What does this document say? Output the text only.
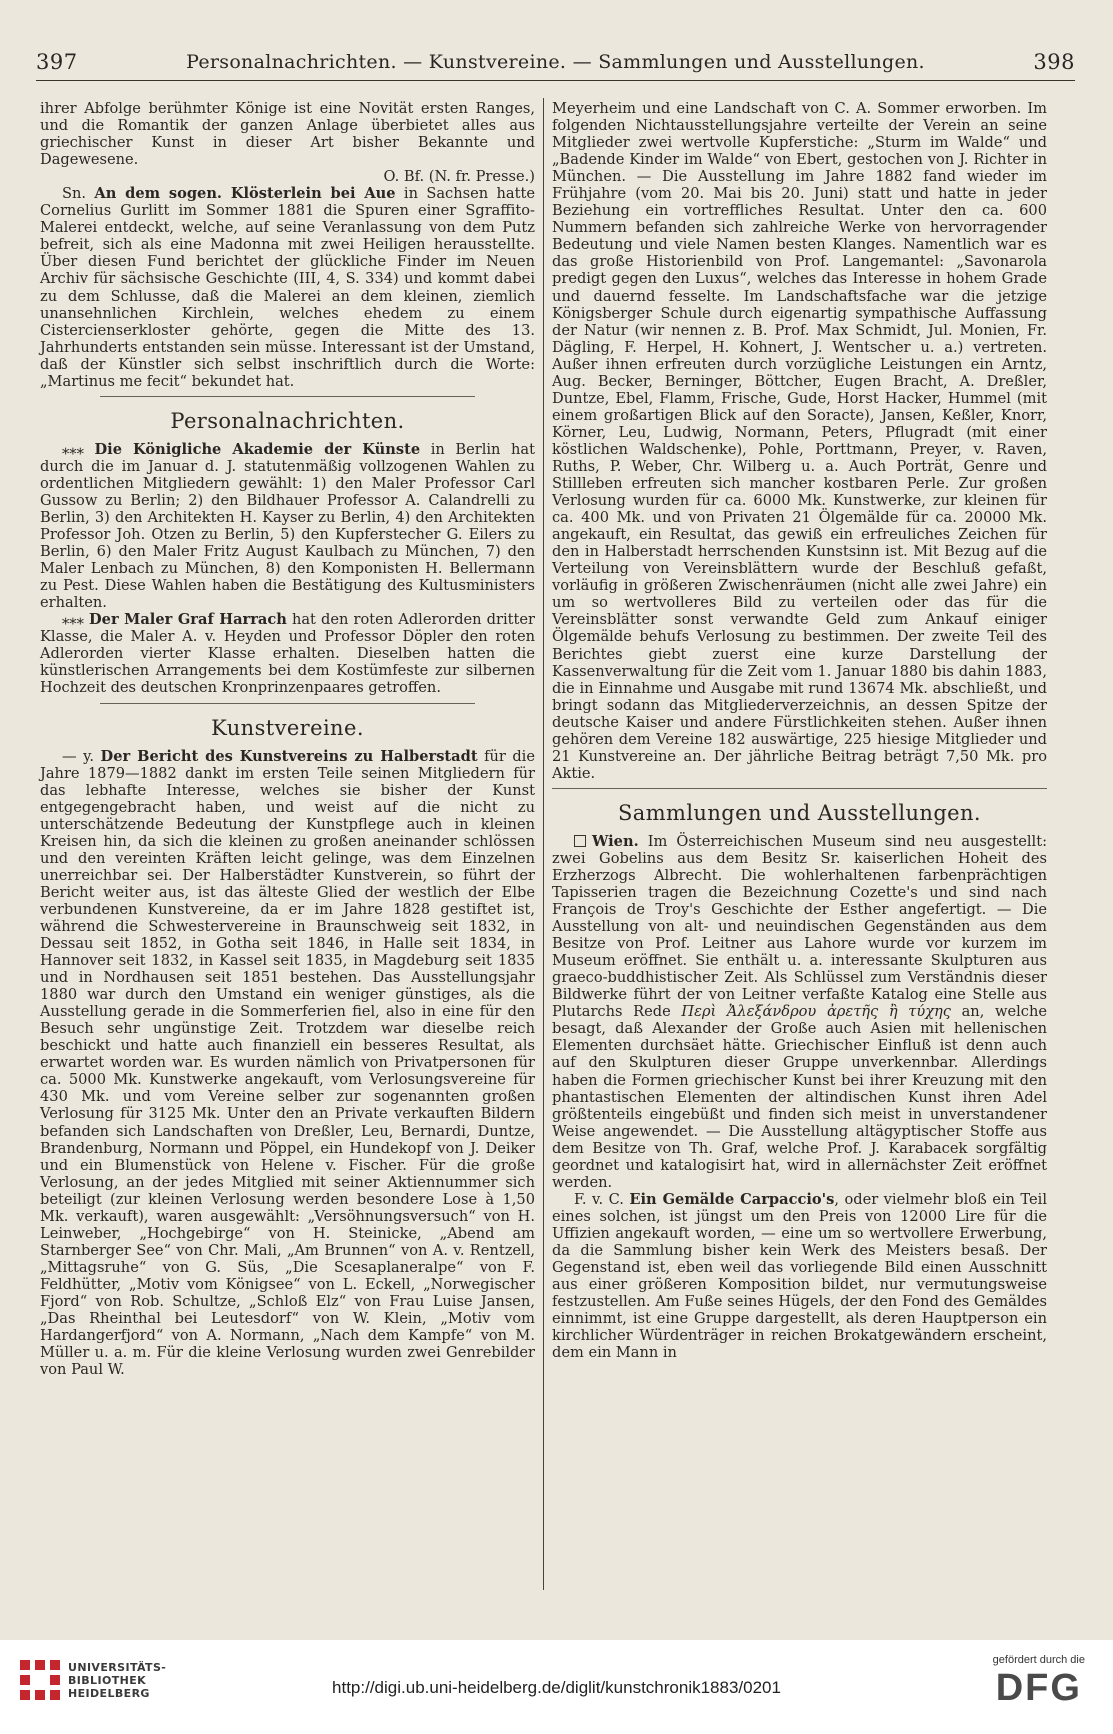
397	Personalnachrichten. — Kunstvereine. — Sammlungen und Ausstellungen.	398

ihrer Abfolge berühmter Könige ist eine Novität ersten Ranges, und die Romantik der ganzen Anlage überbietet alles aus griechischer Kunst in dieser Art bisher Bekannte und Dagewesene.

O. Bf. (N. fr. Presse.)

Sn. An dem sogen. Klösterlein bei Aue in Sachsen hatte Cornelius Gurlitt im Sommer 1881 die Spuren einer Sgraffito-Malerei entdeckt, welche, auf seine Veranlassung von dem Putz befreit, sich als eine Madonna mit zwei Heiligen herausstellte. Über diesen Fund berichtet der glückliche Finder im Neuen Archiv für sächsische Geschichte (III, 4, S. 334) und kommt dabei zu dem Schlusse, daß die Malerei an dem kleinen, ziemlich unansehnlichen Kirchlein, welches ehedem zu einem Cistercienserkloster gehörte, gegen die Mitte des 13. Jahrhunderts entstanden sein müsse. Interessant ist der Umstand, daß der Künstler sich selbst inschriftlich durch die Worte: „Martinus me fecit“ bekundet hat.

Personalnachrichten.

⁎⁎⁎ Die Königliche Akademie der Künste in Berlin hat durch die im Januar d. J. statutenmäßig vollzogenen Wahlen zu ordentlichen Mitgliedern gewählt: 1) den Maler Professor Carl Gussow zu Berlin; 2) den Bildhauer Professor A. Calandrelli zu Berlin, 3) den Architekten H. Kayser zu Berlin, 4) den Architekten Professor Joh. Otzen zu Berlin, 5) den Kupferstecher G. Eilers zu Berlin, 6) den Maler Fritz August Kaulbach zu München, 7) den Maler Lenbach zu München, 8) den Komponisten H. Bellermann zu Pest. Diese Wahlen haben die Bestätigung des Kultusministers erhalten.

⁎⁎⁎ Der Maler Graf Harrach hat den roten Adlerorden dritter Klasse, die Maler A. v. Heyden und Professor Döpler den roten Adlerorden vierter Klasse erhalten. Dieselben hatten die künstlerischen Arrangements bei dem Kostümfeste zur silbernen Hochzeit des deutschen Kronprinzenpaares getroffen.

Kunstvereine.

— y. Der Bericht des Kunstvereins zu Halberstadt für die Jahre 1879—1882 dankt im ersten Teile seinen Mitgliedern für das lebhafte Interesse, welches sie bisher der Kunst entgegengebracht haben, und weist auf die nicht zu unterschätzende Bedeutung der Kunstpflege auch in kleinen Kreisen hin, da sich die kleinen zu großen aneinander schlössen und den vereinten Kräften leicht gelinge, was dem Einzelnen unerreichbar sei. Der Halberstädter Kunstverein, so führt der Bericht weiter aus, ist das älteste Glied der westlich der Elbe verbundenen Kunstvereine, da er im Jahre 1828 gestiftet ist, während die Schwestervereine in Braunschweig seit 1832, in Dessau seit 1852, in Gotha seit 1846, in Halle seit 1834, in Hannover seit 1832, in Kassel seit 1835, in Magdeburg seit 1835 und in Nordhausen seit 1851 bestehen. Das Ausstellungsjahr 1880 war durch den Umstand ein weniger günstiges, als die Ausstellung gerade in die Sommerferien fiel, also in eine für den Besuch sehr ungünstige Zeit. Trotzdem war dieselbe reich beschickt und hatte auch finanziell ein besseres Resultat, als erwartet worden war. Es wurden nämlich von Privatpersonen für ca. 5000 Mk. Kunstwerke angekauft, vom Verlosungsvereine für 430 Mk. und vom Vereine selber zur sogenannten großen Verlosung für 3125 Mk. Unter den an Private verkauften Bildern befanden sich Landschaften von Dreßler, Leu, Bernardi, Duntze, Brandenburg, Normann und Pöppel, ein Hundekopf von J. Deiker und ein Blumenstück von Helene v. Fischer. Für die große Verlosung, an der jedes Mitglied mit seiner Aktiennummer sich beteiligt (zur kleinen Verlosung werden besondere Lose à 1,50 Mk. verkauft), waren ausgewählt: „Versöhnungsversuch“ von H. Leinweber, „Hochgebirge“ von H. Steinicke, „Abend am Starnberger See“ von Chr. Mali, „Am Brunnen“ von A. v. Rentzell, „Mittagsruhe“ von G. Süs, „Die Scesaplaneralpe“ von F. Feldhütter, „Motiv vom Königsee“ von L. Eckell, „Norwegischer Fjord“ von Rob. Schultze, „Schloß Elz“ von Frau Luise Jansen, „Das Rheinthal bei Leutesdorf“ von W. Klein, „Motiv vom Hardangerfjord“ von A. Normann, „Nach dem Kampfe“ von M. Müller u. a. m. Für die kleine Verlosung wurden zwei Genrebilder von Paul W.

Meyerheim und eine Landschaft von C. A. Sommer erworben. Im folgenden Nichtausstellungsjahre verteilte der Verein an seine Mitglieder zwei wertvolle Kupferstiche: „Sturm im Walde“ und „Badende Kinder im Walde“ von Ebert, gestochen von J. Richter in München. — Die Ausstellung im Jahre 1882 fand wieder im Frühjahre (vom 20. Mai bis 20. Juni) statt und hatte in jeder Beziehung ein vortreffliches Resultat. Unter den ca. 600 Nummern befanden sich zahlreiche Werke von hervorragender Bedeutung und viele Namen besten Klanges. Namentlich war es das große Historienbild von Prof. Langemantel: „Savonarola predigt gegen den Luxus“, welches das Interesse in hohem Grade und dauernd fesselte. Im Landschaftsfache war die jetzige Königsberger Schule durch eigenartig sympathische Auffassung der Natur (wir nennen z. B. Prof. Max Schmidt, Jul. Monien, Fr. Dägling, F. Herpel, H. Kohnert, J. Wentscher u. a.) vertreten. Außer ihnen erfreuten durch vorzügliche Leistungen ein Arntz, Aug. Becker, Berninger, Böttcher, Eugen Bracht, A. Dreßler, Duntze, Ebel, Flamm, Frische, Gude, Horst Hacker, Hummel (mit einem großartigen Blick auf den Soracte), Jansen, Keßler, Knorr, Körner, Leu, Ludwig, Normann, Peters, Pflugradt (mit einer köstlichen Waldschenke), Pohle, Porttmann, Preyer, v. Raven, Ruths, P. Weber, Chr. Wilberg u. a. Auch Porträt, Genre und Stillleben erfreuten sich mancher kostbaren Perle. Zur großen Verlosung wurden für ca. 6000 Mk. Kunstwerke, zur kleinen für ca. 400 Mk. und von Privaten 21 Ölgemälde für ca. 20000 Mk. angekauft, ein Resultat, das gewiß ein erfreuliches Zeichen für den in Halberstadt herrschenden Kunstsinn ist. Mit Bezug auf die Verteilung von Vereinsblättern wurde der Beschluß gefaßt, vorläufig in größeren Zwischenräumen (nicht alle zwei Jahre) ein um so wertvolleres Bild zu verteilen oder das für die Vereinsblätter sonst verwandte Geld zum Ankauf einiger Ölgemälde behufs Verlosung zu bestimmen. Der zweite Teil des Berichtes giebt zuerst eine kurze Darstellung der Kassenverwaltung für die Zeit vom 1. Januar 1880 bis dahin 1883, die in Einnahme und Ausgabe mit rund 13674 Mk. abschließt, und bringt sodann das Mitgliederverzeichnis, an dessen Spitze der deutsche Kaiser und andere Fürstlichkeiten stehen. Außer ihnen gehören dem Vereine 182 auswärtige, 225 hiesige Mitglieder und 21 Kunstvereine an. Der jährliche Beitrag beträgt 7,50 Mk. pro Aktie.

Sammlungen und Ausstellungen.

Wien. Im Österreichischen Museum sind neu ausgestellt: zwei Gobelins aus dem Besitz Sr. kaiserlichen Hoheit des Erzherzogs Albrecht. Die wohlerhaltenen farbenprächtigen Tapisserien tragen die Bezeichnung Cozette's und sind nach François de Troy's Geschichte der Esther angefertigt. — Die Ausstellung von alt- und neuindischen Gegenständen aus dem Besitze von Prof. Leitner aus Lahore wurde vor kurzem im Museum eröffnet. Sie enthält u. a. interessante Skulpturen aus graeco-buddhistischer Zeit. Als Schlüssel zum Verständnis dieser Bildwerke führt der von Leitner verfaßte Katalog eine Stelle aus Plutarchs Rede Περὶ Ἀλεξάνδρου ἀρετῆς ἢ τύχης an, welche besagt, daß Alexander der Große auch Asien mit hellenischen Elementen durchsäet hätte. Griechischer Einfluß ist denn auch auf den Skulpturen dieser Gruppe unverkennbar. Allerdings haben die Formen griechischer Kunst bei ihrer Kreuzung mit den phantastischen Elementen der altindischen Kunst ihren Adel größtenteils eingebüßt und finden sich meist in unverstandener Weise angewendet. — Die Ausstellung altägyptischer Stoffe aus dem Besitze von Th. Graf, welche Prof. J. Karabacek sorgfältig geordnet und katalogisirt hat, wird in allernächster Zeit eröffnet werden.

F. v. C. Ein Gemälde Carpaccio's, oder vielmehr bloß ein Teil eines solchen, ist jüngst um den Preis von 12000 Lire für die Uffizien angekauft worden, — eine um so wertvollere Erwerbung, da die Sammlung bisher kein Werk des Meisters besaß. Der Gegenstand ist, eben weil das vorliegende Bild einen Ausschnitt aus einer größeren Komposition bildet, nur vermutungsweise festzustellen. Am Fuße seines Hügels, der den Fond des Gemäldes einnimmt, ist eine Gruppe dargestellt, als deren Hauptperson ein kirchlicher Würdenträger in reichen Brokatgewändern erscheint, dem ein Mann in

UNIVERSITÄTS-
BIBLIOTHEK
HEIDELBERG	http://digi.ub.uni-heidelberg.de/diglit/kunstchronik1883/0201
gefördert durch die
DFG
